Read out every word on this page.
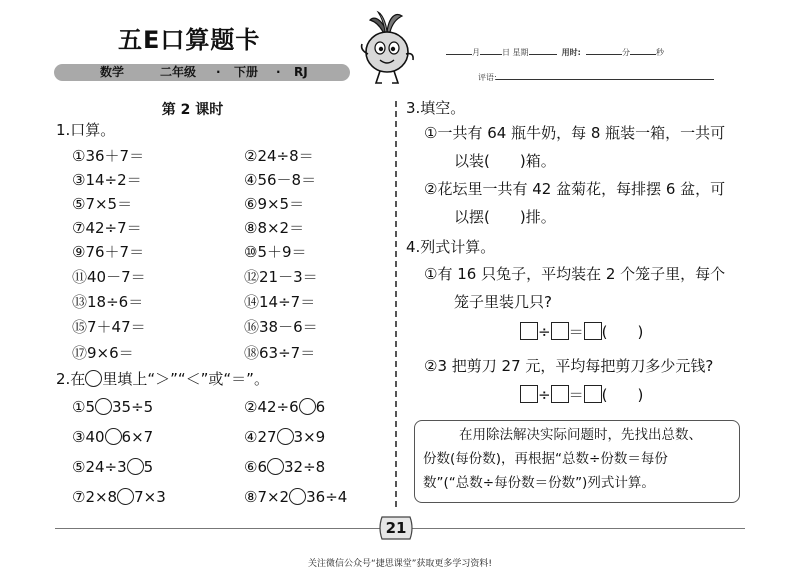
五E口算题卡
数学	二年级 · 下册 · RJ
月	日 星期	用时:	分	秒
评语:
第 2 课时
1.口算。
①36＋7＝	②24÷8＝
③14÷2＝	④56－8＝
⑤7×5＝	⑥9×5＝
⑦42÷7＝	⑧8×2＝
⑨76＋7＝	⑩5＋9＝
⑪40－7＝	⑫21－3＝
⑬18÷6＝	⑭14÷7＝
⑮7＋47＝	⑯38－6＝
⑰9×6＝	⑱63÷7＝
2.在 里填上“＞”“＜”或“＝”。
①5 35÷5	②42÷6 6
③40 6×7	④27 3×9
⑤24÷3 5	⑥6 32÷8
⑦2×8 7×3	⑧7×2 36÷4
3.填空。
①一共有 64 瓶牛奶，每 8 瓶装一箱，一共可
以装(　　)箱。
②花坛里一共有 42 盆菊花，每排摆 6 盆，可
以摆(　　)排。
4.列式计算。
①有 16 只兔子，平均装在 2 个笼子里，每个
笼子里装几只?
÷ ＝ (　　)
②3 把剪刀 27 元，平均每把剪刀多少元钱?
÷ ＝ (　　)
在用除法解决实际问题时，先找出总数、
份数(每份数)，再根据“总数÷份数＝每份
数”(“总数÷每份数＝份数”)列式计算。
21
关注微信公众号“捷思课堂”获取更多学习资料!
